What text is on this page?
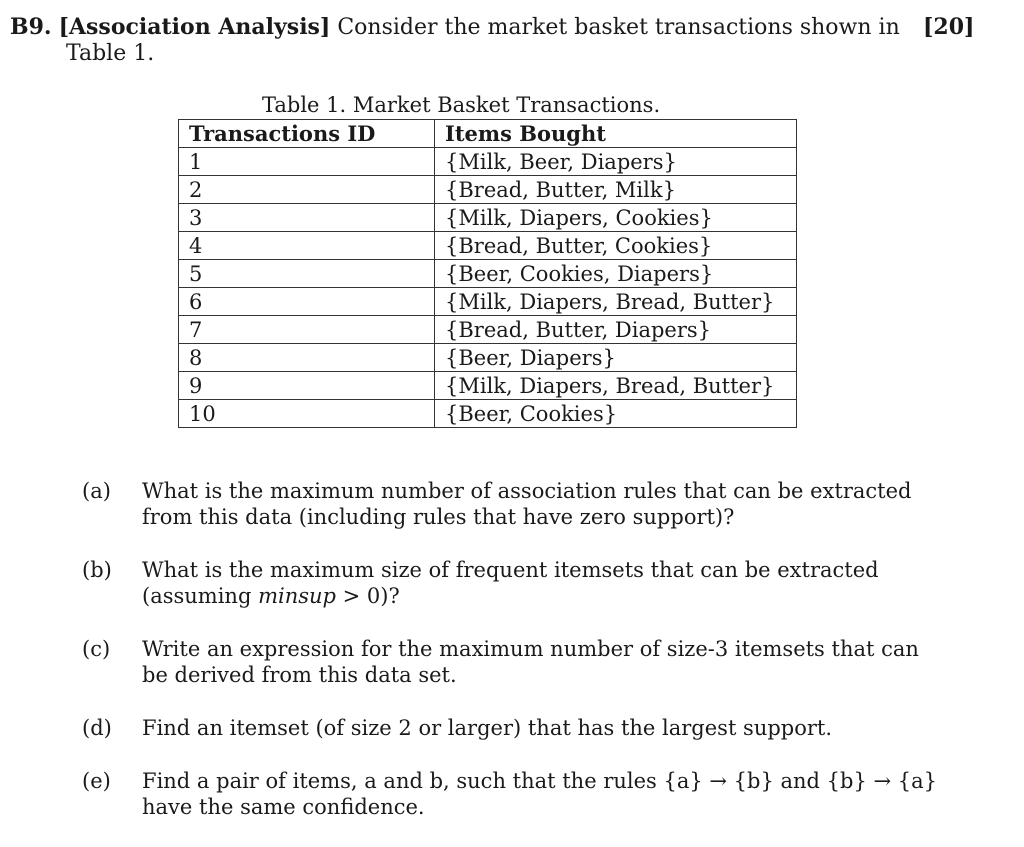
B9. [Association Analysis] Consider the market basket transactions shown in
Table 1.
[20]
Table 1. Market Basket Transactions.
Transactions ID	Items Bought
1	{Milk, Beer, Diapers}
2	{Bread, Butter, Milk}
3	{Milk, Diapers, Cookies}
4	{Bread, Butter, Cookies}
5	{Beer, Cookies, Diapers}
6	{Milk, Diapers, Bread, Butter}
7	{Bread, Butter, Diapers}
8	{Beer, Diapers}
9	{Milk, Diapers, Bread, Butter}
10	{Beer, Cookies}
(a) What is the maximum number of association rules that can be extracted
from this data (including rules that have zero support)?
(b) What is the maximum size of frequent itemsets that can be extracted
(assuming minsup > 0)?
(c) Write an expression for the maximum number of size-3 itemsets that can
be derived from this data set.
(d) Find an itemset (of size 2 or larger) that has the largest support.
(e) Find a pair of items, a and b, such that the rules {a} → {b} and {b} → {a}
have the same confidence.
